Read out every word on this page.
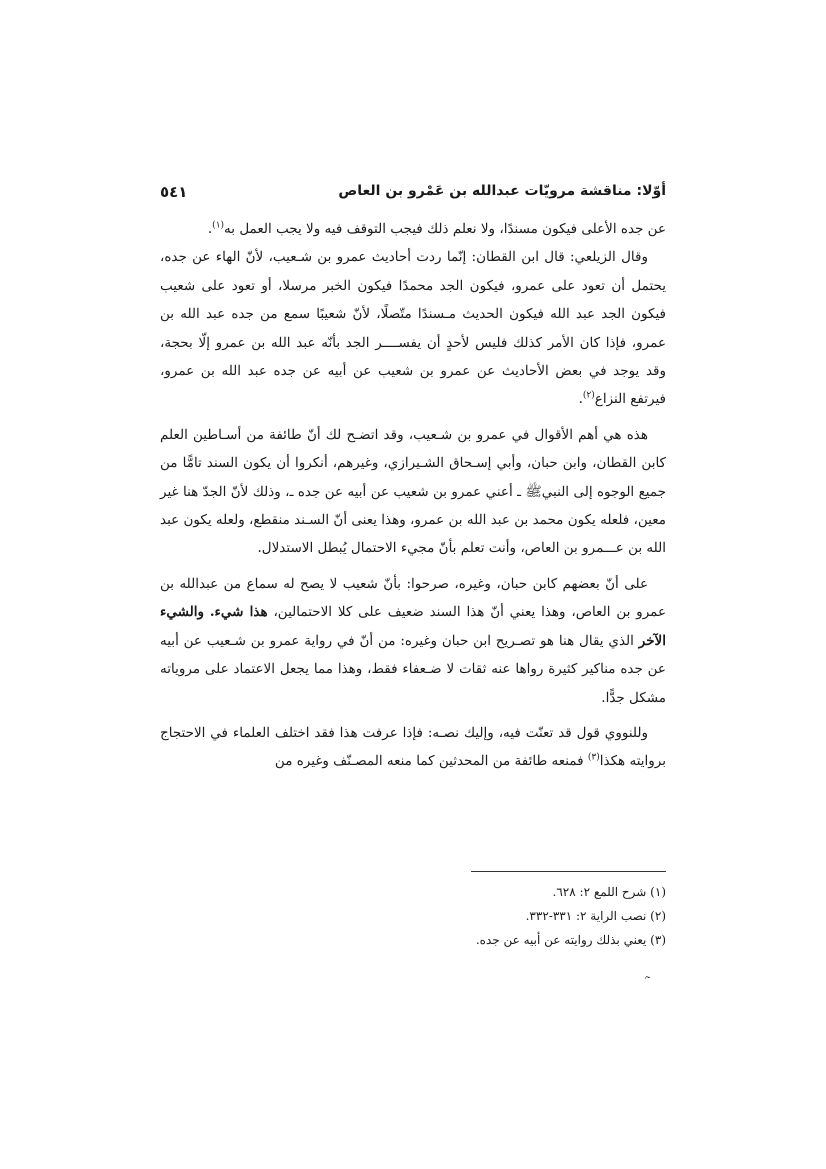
أوّلا: مناقشة مرويّات عبدالله بن عَمْرو بن العاص
٥٤١

عن جده الأعلى فيكون مسندًا، ولا نعلم ذلك فيجب التوقف فيه ولا يجب العمل به$^{(١)}$.

وقال الزيلعي: قال ابن القطان: إنّما ردت أحاديث عمرو بن شـعيب، لأنّ الهاء عن جده، يحتمل أن تعود على عمرو، فيكون الجد محمدًا فيكون الخبر مرسلا، أو تعود على شعيب فيكون الجد عبد الله فيكون الحديث مـسندًا متّصلًا، لأنّ شعيبًا سمع من جده عبد الله بن عمرو، فإذا كان الأمر كذلك فليس لأحدٍ أن يفســــر الجد بأنّه عبد الله بن عمرو إلّا بحجة، وقد يوجد في بعض الأحاديث عن عمرو بن شعيب عن أبيه عن جده عبد الله بن عمرو، فيرتفع النزاع$^{(٢)}$.

هذه هي أهم الأقوال في عمرو بن شـعيب، وقد اتضـح لك أنّ طائفة من أسـاطين العلم كابن القطان، وابن حبان، وأبي إسـحاق الشـيرازي، وغيرهم، أنكروا أن يكون السند تامًّا من جميع الوجوه إلى النبيﷺ ـ أعني عمرو بن شعيب عن أبيه عن جده ـ، وذلك لأنّ الجدّ هنا غير معين، فلعله يكون محمد بن عبد الله بن عمرو، وهذا يعنى أنّ السـند منقطع، ولعله يكون عبد الله بن عـــمرو بن العاص، وأنت تعلم بأنّ مجيء الاحتمال يُبطل الاستدلال.

على أنّ بعضهم كابن حبان، وغيره، صرحوا: بأنّ شعيب لا يصح له سماع من عبدالله بن عمرو بن العاص، وهذا يعني أنّ هذا السند ضعيف على كلا الاحتمالين، هذا شيء. والشيء الآخر الذي يقال هنا هو تصـريح ابن حبان وغيره: من أنّ في رواية عمرو بن شـعيب عن أبيه عن جده مناكير كثيرة رواها عنه ثقات لا ضـعفاء فقط، وهذا مما يجعل الاعتماد على مروياته مشكل جدًّا.

وللنووي قول قد تعنّت فيه، وإليك نصـه: فإذا عرفت هذا فقد اختلف العلماء في الاحتجاج بروايته هكذا$^{(٣)}$ فمنعه طائفة من المحدثين كما منعه المصـنّف وغيره من

(١) شرح اللمع ٢: ٦٢٨.
(٢) نصب الراية ٢: ٣٣١-٣٣٢.
(٣) يعني بذلك روايته عن أبيه عن جده.
ﮧ
